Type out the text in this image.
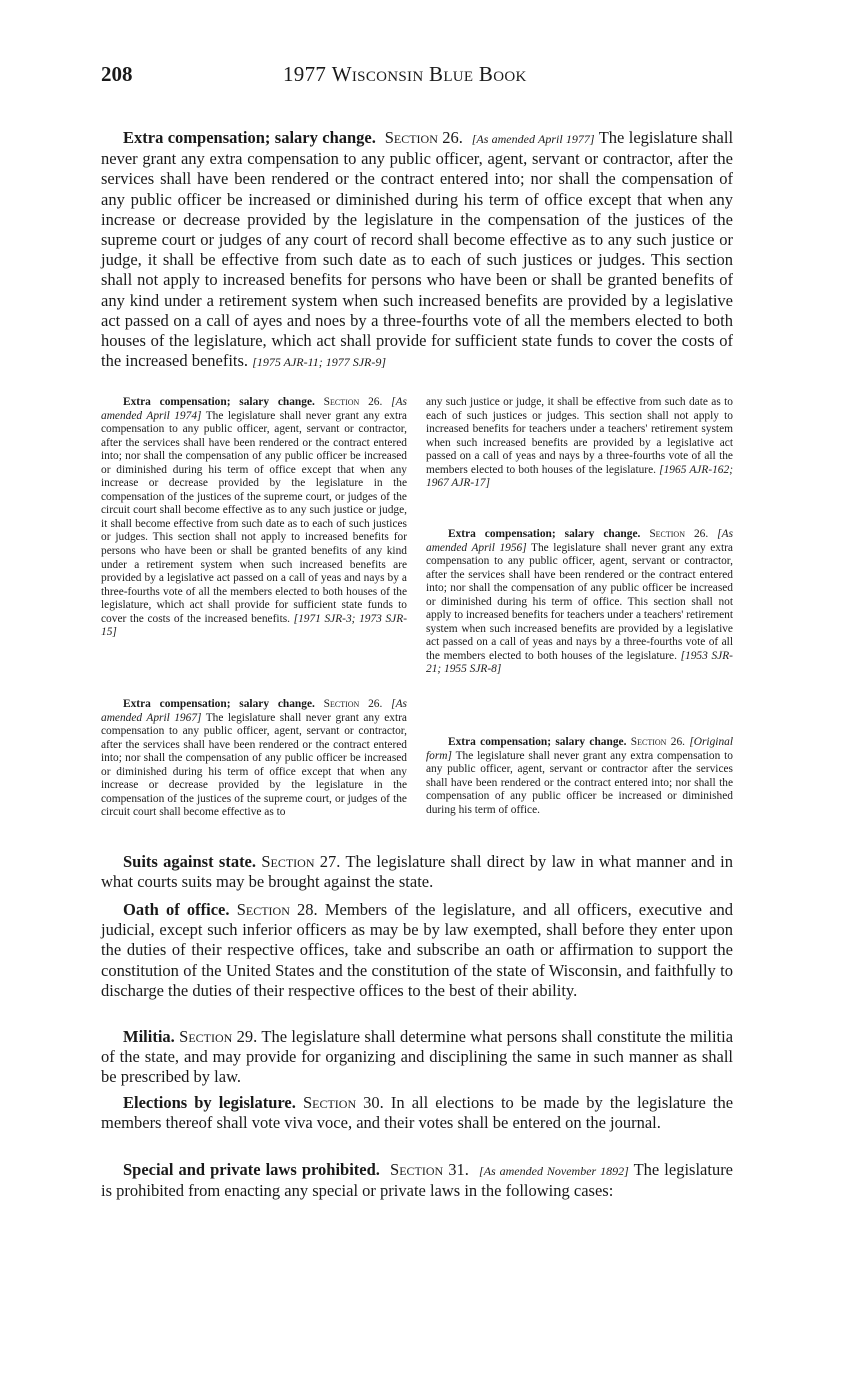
208	1977 Wisconsin Blue Book

Extra compensation; salary change. Section 26. [As amended April 1977] The legislature shall never grant any extra compensation to any public officer, agent, servant or contractor, after the services shall have been rendered or the contract entered into; nor shall the compensation of any public officer be increased or diminished during his term of office except that when any increase or decrease provided by the legislature in the compensation of the justices of the supreme court or judges of any court of record shall become effective as to any such justice or judge, it shall be effective from such date as to each of such justices or judges. This section shall not apply to increased benefits for persons who have been or shall be granted benefits of any kind under a retirement system when such increased benefits are provided by a legislative act passed on a call of ayes and noes by a three-fourths vote of all the members elected to both houses of the legislature, which act shall provide for sufficient state funds to cover the costs of the increased benefits. [1975 AJR-11; 1977 SJR-9]

Extra compensation; salary change. Section 26. [As amended April 1974] The legislature shall never grant any extra compensation to any public officer, agent, servant or contractor, after the services shall have been rendered or the contract entered into; nor shall the compensation of any public officer be increased or diminished during his term of office except that when any increase or decrease provided by the legislature in the compensation of the justices of the supreme court, or judges of the circuit court shall become effective as to any such justice or judge, it shall become effective from such date as to each of such justices or judges. This section shall not apply to increased benefits for persons who have been or shall be granted benefits of any kind under a retirement system when such increased benefits are provided by a legislative act passed on a call of yeas and nays by a three-fourths vote of all the members elected to both houses of the legislature, which act shall provide for sufficient state funds to cover the costs of the increased benefits. [1971 SJR-3; 1973 SJR-15]

Extra compensation; salary change. Section 26. [As amended April 1967] The legislature shall never grant any extra compensation to any public officer, agent, servant or contractor, after the services shall have been rendered or the contract entered into; nor shall the compensation of any public officer be increased or diminished during his term of office except that when any increase or decrease provided by the legislature in the compensation of the justices of the supreme court, or judges of the circuit court shall become effective as to

any such justice or judge, it shall be effective from such date as to each of such justices or judges. This section shall not apply to increased benefits for teachers under a teachers' retirement system when such increased benefits are provided by a legislative act passed on a call of yeas and nays by a three-fourths vote of all the members elected to both houses of the legislature. [1965 AJR-162; 1967 AJR-17]

Extra compensation; salary change. Section 26. [As amended April 1956] The legislature shall never grant any extra compensation to any public officer, agent, servant or contractor, after the services shall have been rendered or the contract entered into; nor shall the compensation of any public officer be increased or diminished during his term of office. This section shall not apply to increased benefits for teachers under a teachers' retirement system when such increased benefits are provided by a legislative act passed on a call of yeas and nays by a three-fourths vote of all the members elected to both houses of the legislature. [1953 SJR-21; 1955 SJR-8]

Extra compensation; salary change. Section 26. [Original form] The legislature shall never grant any extra compensation to any public officer, agent, servant or contractor after the services shall have been rendered or the contract entered into; nor shall the compensation of any public officer be increased or diminished during his term of office.

Suits against state. Section 27. The legislature shall direct by law in what manner and in what courts suits may be brought against the state.

Oath of office. Section 28. Members of the legislature, and all officers, executive and judicial, except such inferior officers as may be by law exempted, shall before they enter upon the duties of their respective offices, take and subscribe an oath or affirmation to support the constitution of the United States and the constitution of the state of Wisconsin, and faithfully to discharge the duties of their respective offices to the best of their ability.

Militia. Section 29. The legislature shall determine what persons shall constitute the militia of the state, and may provide for organizing and disciplining the same in such manner as shall be prescribed by law.

Elections by legislature. Section 30. In all elections to be made by the legislature the members thereof shall vote viva voce, and their votes shall be entered on the journal.

Special and private laws prohibited. Section 31. [As amended November 1892] The legislature is prohibited from enacting any special or private laws in the following cases:
